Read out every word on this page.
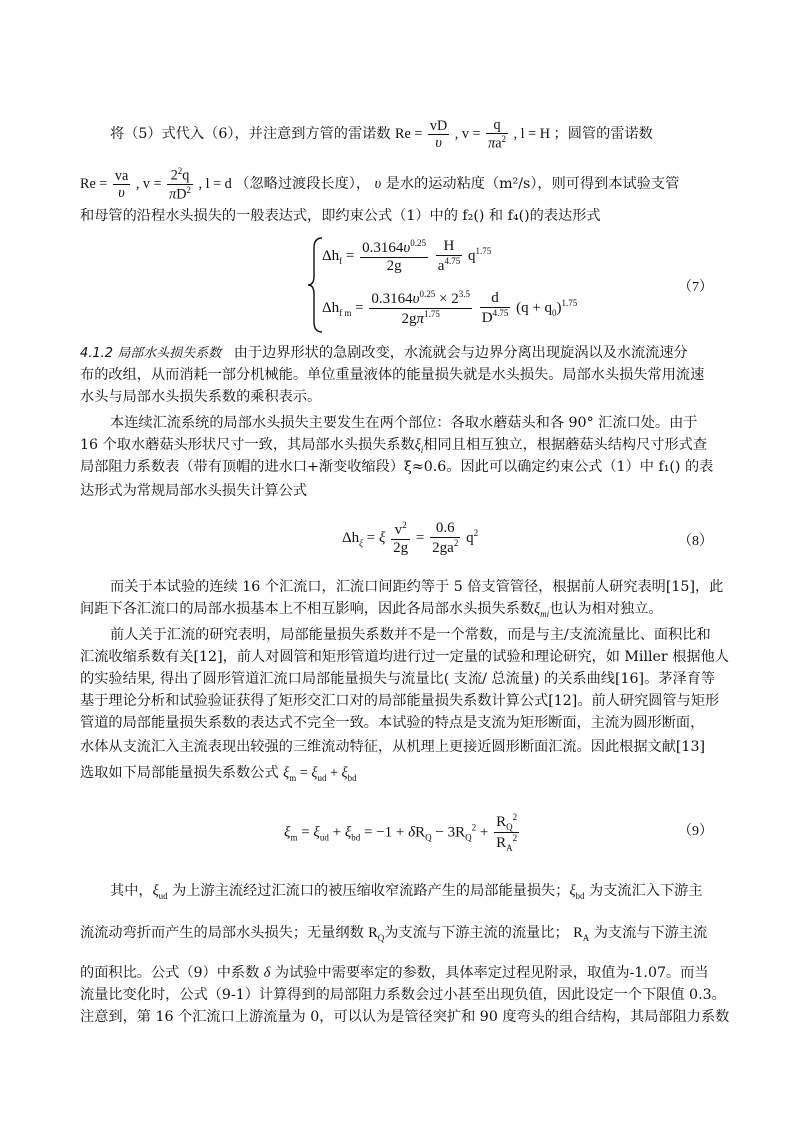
将（5）式代入（6），并注意到方管的雷诺数 $Re = \frac{vD}{\upsilon}$ , $v = \frac{q}{\pi a^2}$ , l = H ；圆管的雷诺数
$Re = \frac{va}{\upsilon}$ , $v = \frac{2^2q}{\pi D^2}$ , l = d （忽略过渡段长度）， υ 是水的运动粘度（m²/s），则可得到本试验支管
和母管的沿程水头损失的一般表达式，即约束公式（1）中的 f₂() 和 f₄()的表达形式
$\Delta h_f = \frac{0.3164\upsilon^{0.25}}{2g}$
$\frac{H}{a^{4.75}} q^{1.75}$
$\Delta h_{f m} = \frac{0.3164\upsilon^{0.25} \times 2^{3.5}}{2g\pi^{1.75}}$
$\frac{d}{D^{4.75}} (q + q_0)^{1.75}$
（7）
4.1.2 局部水头损失系数 由于边界形状的急剧改变，水流就会与边界分离出现旋涡以及水流流速分
布的改组，从而消耗一部分机械能。单位重量液体的能量损失就是水头损失。局部水头损失常用流速
水头与局部水头损失系数的乘积表示。
本连续汇流系统的局部水头损失主要发生在两个部位：各取水蘑菇头和各 90° 汇流口处。由于
16 个取水蘑菇头形状尺寸一致，其局部水头损失系数$\xi_i$相同且相互独立，根据蘑菇头结构尺寸形式查
局部阻力系数表（带有顶帽的进水口+渐变收缩段）ξ≈0.6。因此可以确定约束公式（1）中 f₁() 的表
达形式为常规局部水头损失计算公式
$\Delta h_\xi = \xi \frac{v^2}{2g} = \frac{0.6}{2ga^2} q^2$
（8）
而关于本试验的连续 16 个汇流口，汇流口间距约等于 5 倍支管管径，根据前人研究表明[15]，此
间距下各汇流口的局部水损基本上不相互影响，因此各局部水头损失系数$\xi_{mi}$也认为相对独立。
前人关于汇流的研究表明，局部能量损失系数并不是一个常数，而是与主/支流流量比、面积比和
汇流收缩系数有关[12]，前人对圆管和矩形管道均进行过一定量的试验和理论研究，如 Miller 根据他人
的实验结果, 得出了圆形管道汇流口局部能量损失与流量比( 支流/ 总流量) 的关系曲线[16]。茅泽育等
基于理论分析和试验验证获得了矩形交汇口对的局部能量损失系数计算公式[12]。前人研究圆管与矩形
管道的局部能量损失系数的表达式不完全一致。本试验的特点是支流为矩形断面，主流为圆形断面，
水体从支流汇入主流表现出较强的三维流动特征，从机理上更接近圆形断面汇流。因此根据文献[13]
选取如下局部能量损失系数公式 $\xi_m = \xi_{ud} + \xi_{bd}$
$\xi_m = \xi_{ud} + \xi_{bd} = -1 + \delta R_Q - 3R_Q^2 + \frac{R_Q^2}{R_A^2}$	（9）
其中，$\xi_{ud}$ 为上游主流经过汇流口的被压缩收窄流路产生的局部能量损失；$\xi_{bd}$ 为支流汇入下游主
流流动弯折而产生的局部水头损失；无量纲数 $R_Q$为支流与下游主流的流量比； $R_A$ 为支流与下游主流
的面积比。公式（9）中系数 δ 为试验中需要率定的参数，具体率定过程见附录，取值为-1.07。而当
流量比变化时，公式（9-1）计算得到的局部阻力系数会过小甚至出现负值，因此设定一个下限值 0.3。
注意到，第 16 个汇流口上游流量为 0，可以认为是管径突扩和 90 度弯头的组合结构，其局部阻力系数
